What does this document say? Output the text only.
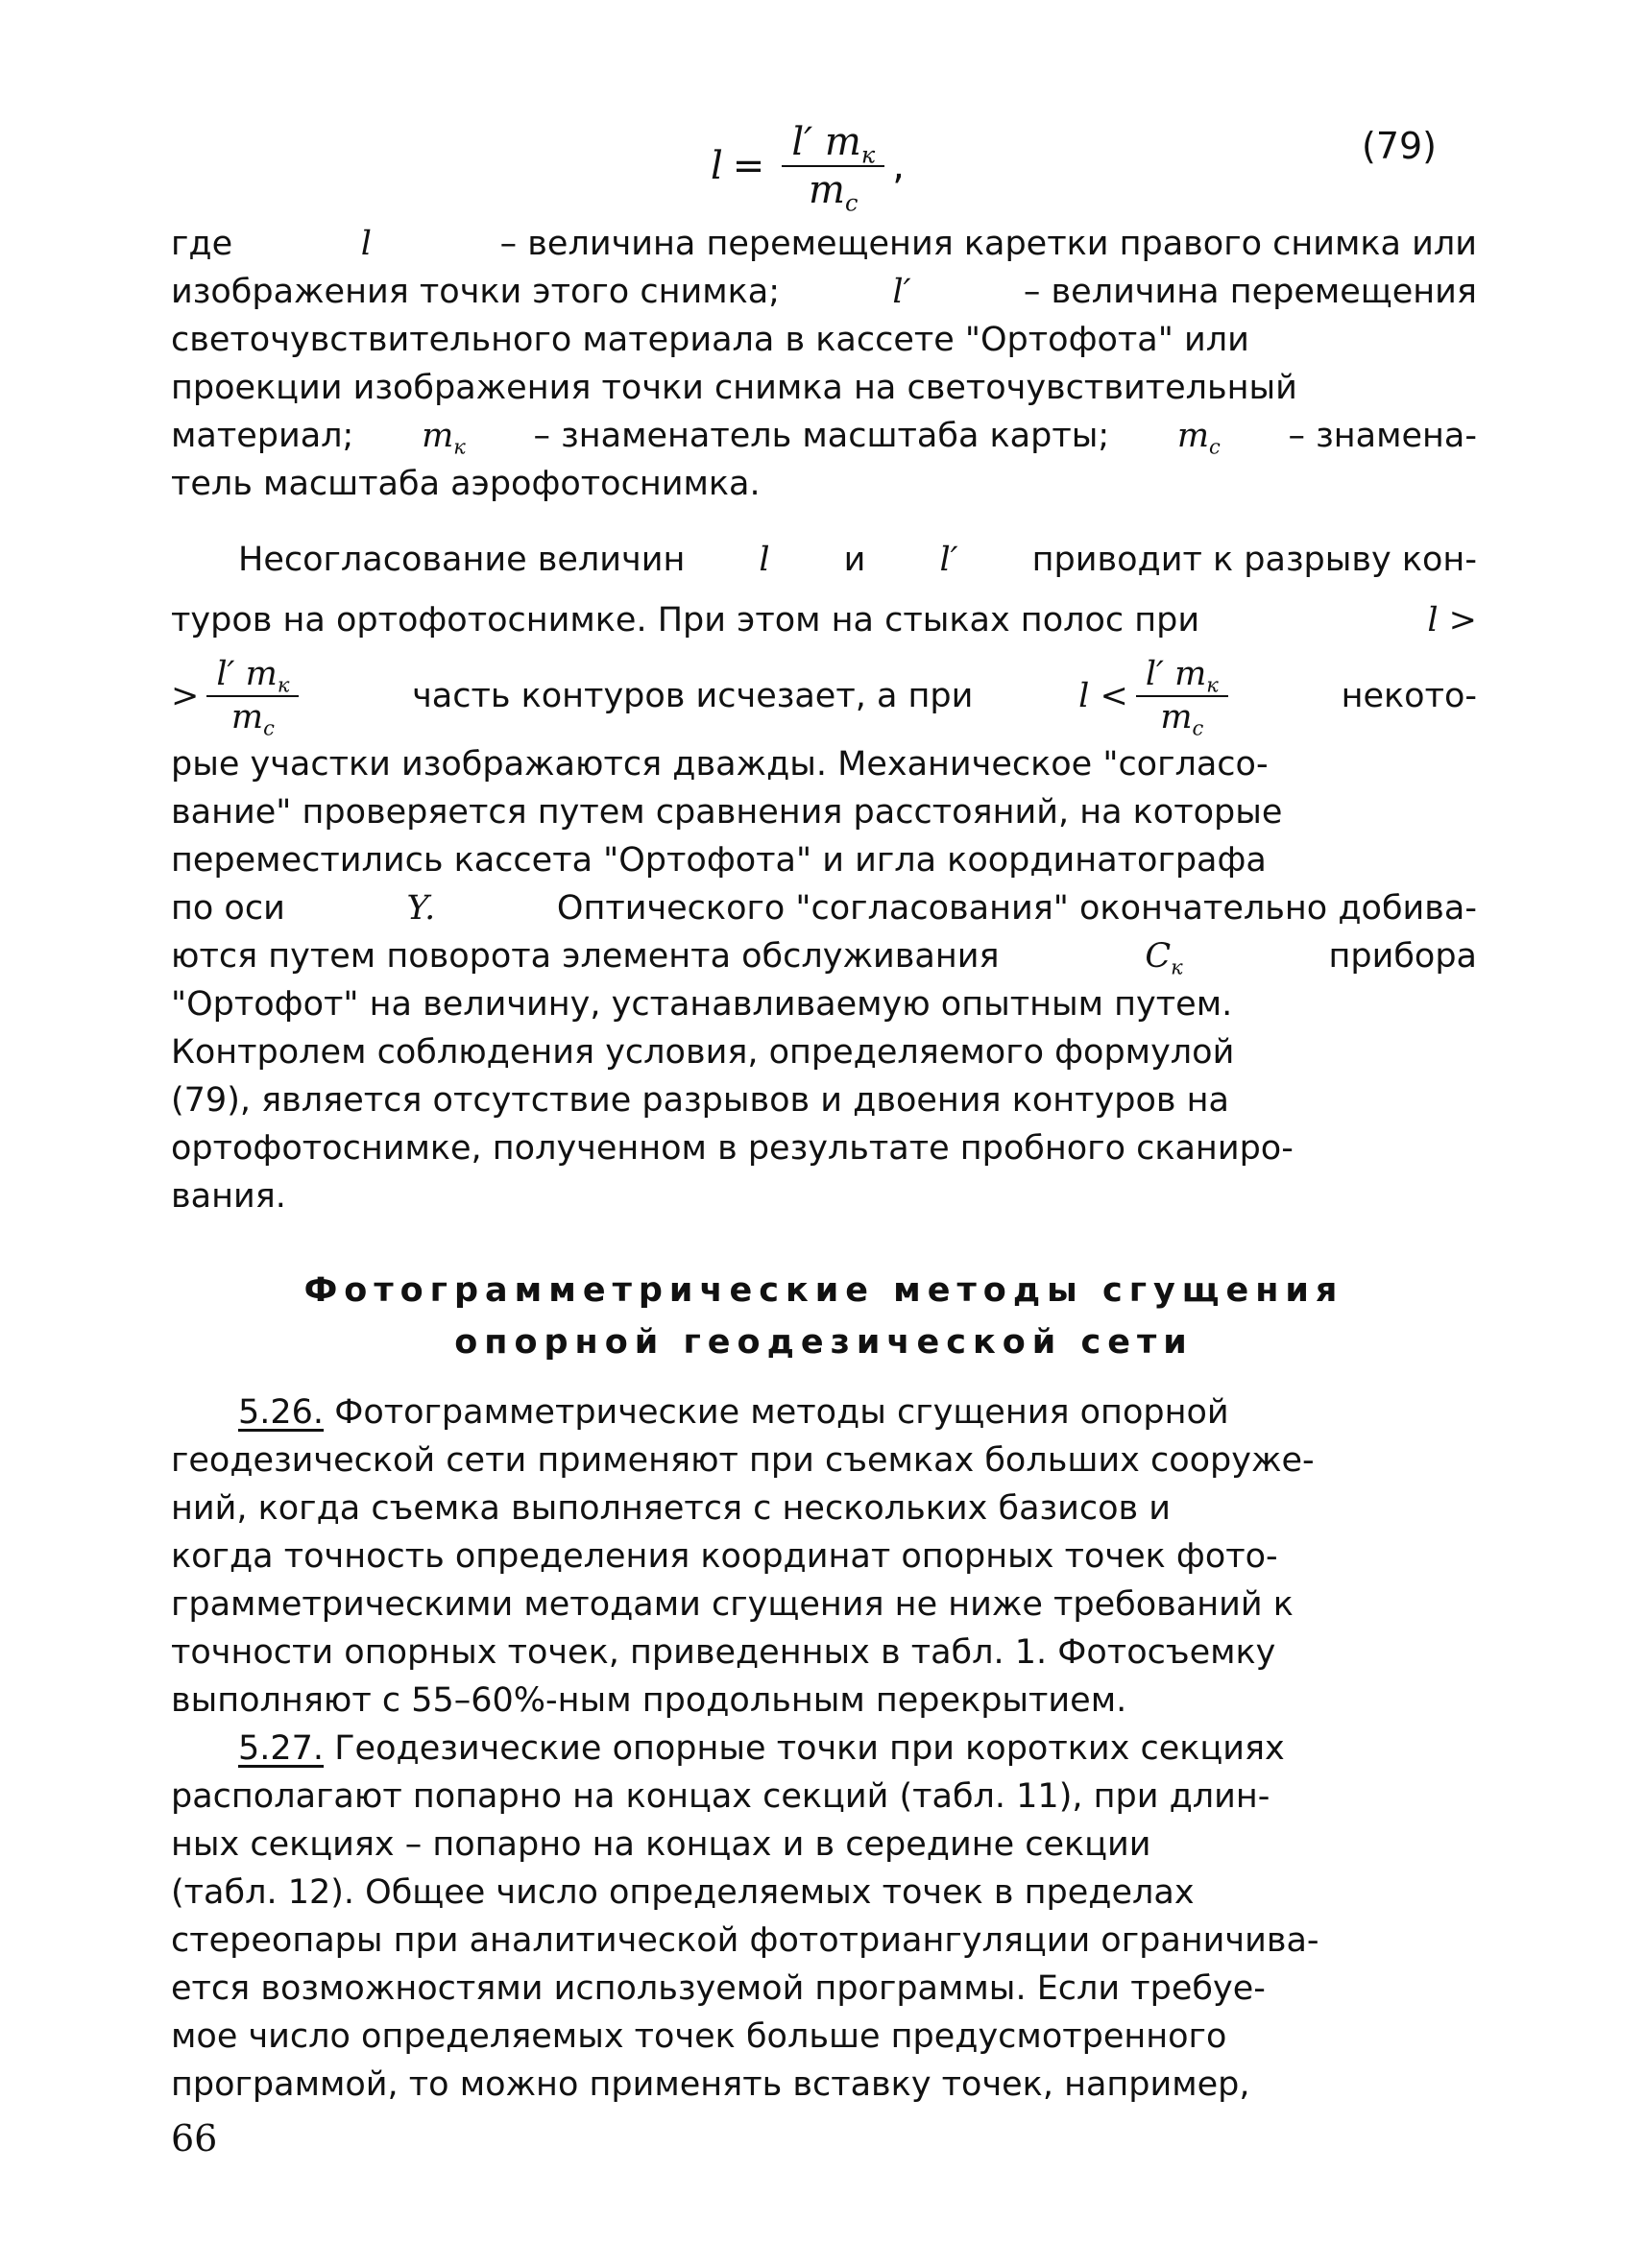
$l = \frac{l' m_к}{m_c}$ ,	(79)
где	l	– величина перемещения каретки правого снимка или
изображения точки этого снимка;	l′	– величина перемещения
светочувствительного материала в кассете "Ортофота" или
проекции изображения точки снимка на светочувствительный
материал; $m_к$ – знаменатель масштаба карты; $m_c$ – знамена-
тель масштаба аэрофотоснимка.
Несогласование величин l и l′ приводит к разрыву кон-
туров на ортофотоснимке. При этом на стыках полос при	l >
> $\frac{l' m_к}{m_c}$	часть контуров исчезает, а при	$l < \frac{l' m_к}{m_c}$	некото-
рые участки изображаются дважды. Механическое "согласо-
вание" проверяется путем сравнения расстояний, на которые
переместились кассета "Ортофота" и игла координатографа
по оси	Y.	Оптического "согласования" окончательно добива-
ются путем поворота элемента обслуживания	$C_к$	прибора
"Ортофот" на величину, устанавливаемую опытным путем.
Контролем соблюдения условия, определяемого формулой
(79), является отсутствие разрывов и двоения контуров на
ортофотоснимке, полученном в результате пробного сканиро-
вания.
Фотограмметрические методы сгущения
опорной геодезической сети
5.26. Фотограмметрические методы сгущения опорной
геодезической сети применяют при съемках больших сооруже-
ний, когда съемка выполняется с нескольких базисов и
когда точность определения координат опорных точек фото-
грамметрическими методами сгущения не ниже требований к
точности опорных точек, приведенных в табл. 1. Фотосъемку
выполняют с 55–60%-ным продольным перекрытием.
5.27. Геодезические опорные точки при коротких секциях
располагают попарно на концах секций (табл. 11), при длин-
ных секциях – попарно на концах и в середине секции
(табл. 12). Общее число определяемых точек в пределах
стереопары при аналитической фототриангуляции ограничива-
ется возможностями используемой программы. Если требуе-
мое число определяемых точек больше предусмотренного
программой, то можно применять вставку точек, например,
66
